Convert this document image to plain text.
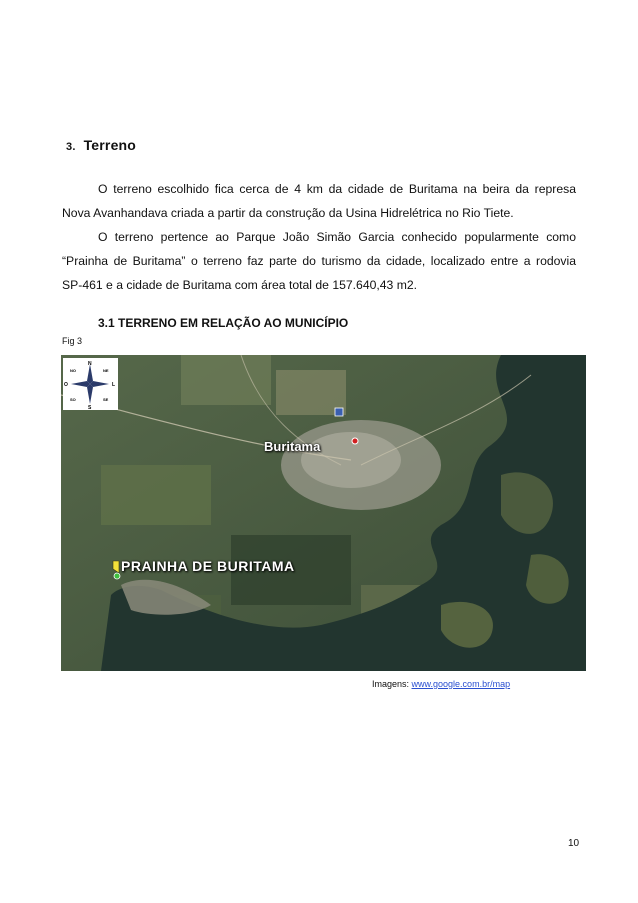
3. Terreno
O terreno escolhido fica cerca de 4 km da cidade de Buritama na beira da represa
Nova Avanhandava criada a partir da construção da Usina Hidrelétrica no Rio Tiete.
O terreno pertence ao Parque João Simão Garcia conhecido popularmente como
“Prainha de Buritama” o terreno faz parte do turismo da cidade, localizado entre a rodovia
SP-461 e a cidade de Buritama com área total de 157.640,43 m2.
3.1 TERRENO EM RELAÇÃO AO MUNICÍPIO
Fig 3
N
S
O	L
NO	NE
SO	SE
Buritama
PRAINHA DE BURITAMA
Imagens: www.google.com.br/map
10
